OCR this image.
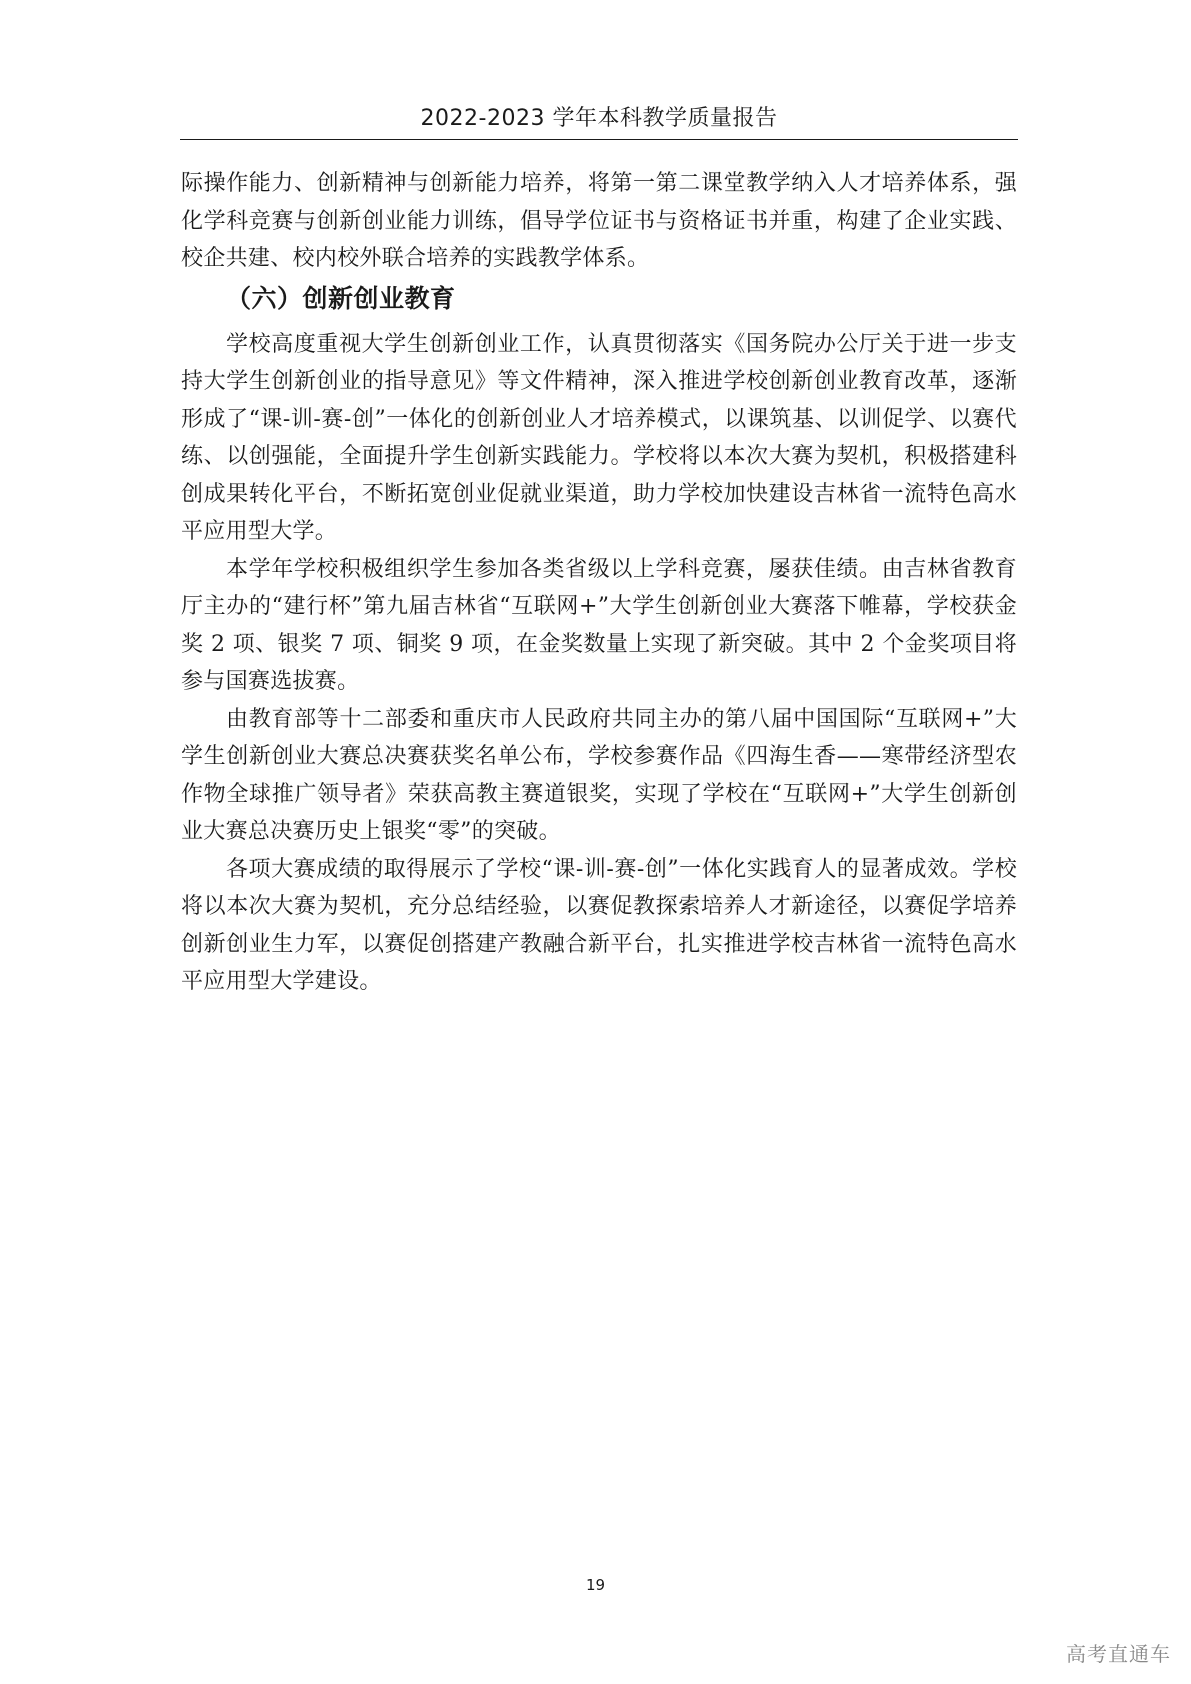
2022-2023 学年本科教学质量报告

际操作能力、创新精神与创新能力培养，将第一第二课堂教学纳入人才培养体系，强化学科竞赛与创新创业能力训练，倡导学位证书与资格证书并重，构建了企业实践、校企共建、校内校外联合培养的实践教学体系。

（六）创新创业教育

学校高度重视大学生创新创业工作，认真贯彻落实《国务院办公厅关于进一步支持大学生创新创业的指导意见》等文件精神，深入推进学校创新创业教育改革，逐渐形成了“课-训-赛-创”一体化的创新创业人才培养模式，以课筑基、以训促学、以赛代练、以创强能，全面提升学生创新实践能力。学校将以本次大赛为契机，积极搭建科创成果转化平台，不断拓宽创业促就业渠道，助力学校加快建设吉林省一流特色高水平应用型大学。

本学年学校积极组织学生参加各类省级以上学科竞赛，屡获佳绩。由吉林省教育厅主办的“建行杯”第九届吉林省“互联网+”大学生创新创业大赛落下帷幕，学校获金奖 2 项、银奖 7 项、铜奖 9 项，在金奖数量上实现了新突破。其中 2 个金奖项目将参与国赛选拔赛。

由教育部等十二部委和重庆市人民政府共同主办的第八届中国国际“互联网+”大学生创新创业大赛总决赛获奖名单公布，学校参赛作品《四海生香——寒带经济型农作物全球推广领导者》荣获高教主赛道银奖，实现了学校在“互联网+”大学生创新创业大赛总决赛历史上银奖“零”的突破。

各项大赛成绩的取得展示了学校“课-训-赛-创”一体化实践育人的显著成效。学校将以本次大赛为契机，充分总结经验，以赛促教探索培养人才新途径，以赛促学培养创新创业生力军，以赛促创搭建产教融合新平台，扎实推进学校吉林省一流特色高水平应用型大学建设。

19
高考直通车
